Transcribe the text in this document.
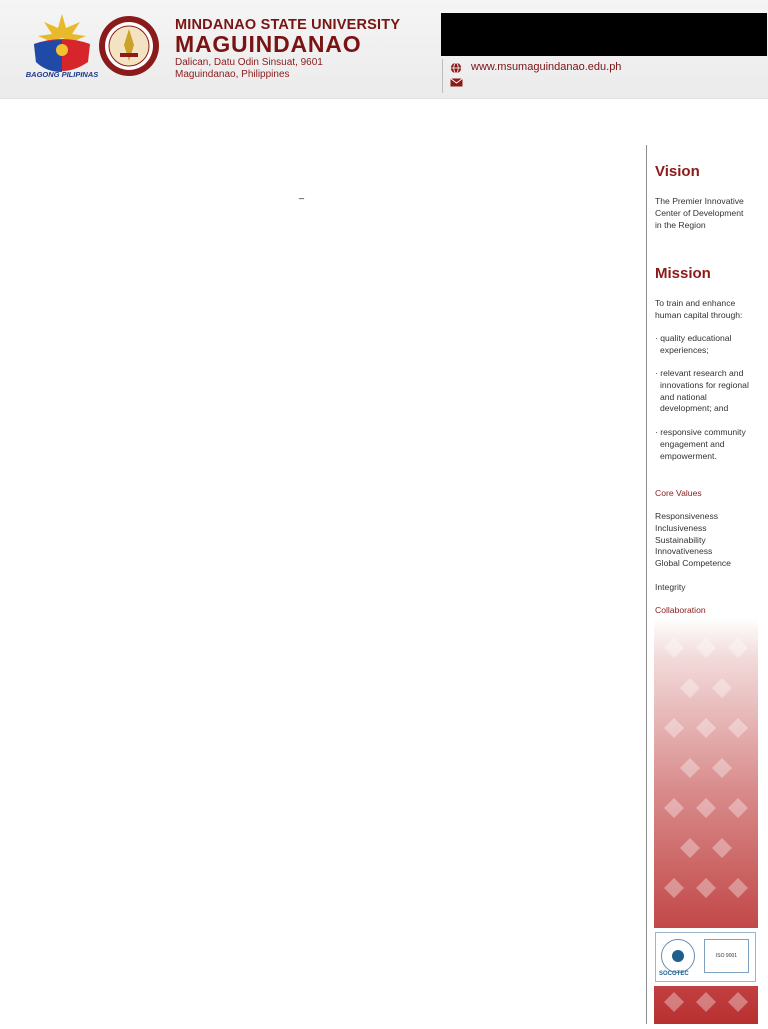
BAGONG PILIPINAS
MINDANAO STATE UNIVERSITY
MAGUINDANAO
Dalican, Datu Odin Sinsuat, 9601
Maguindanao, Philippines
www.msumaguindanao.edu.ph
_
Vision
The Premier Innovative
Center of Development
in the Region
Mission
To train and enhance
human capital through:
· quality educational experiences;
· relevant research and innovations for regional and national development; and
· responsive community engagement and empowerment.
Core Values
Responsiveness
Inclusiveness
Sustainability
Innovativeness
Global Competence
Integrity
Collaboration
SOCOTEC
ISO 9001
